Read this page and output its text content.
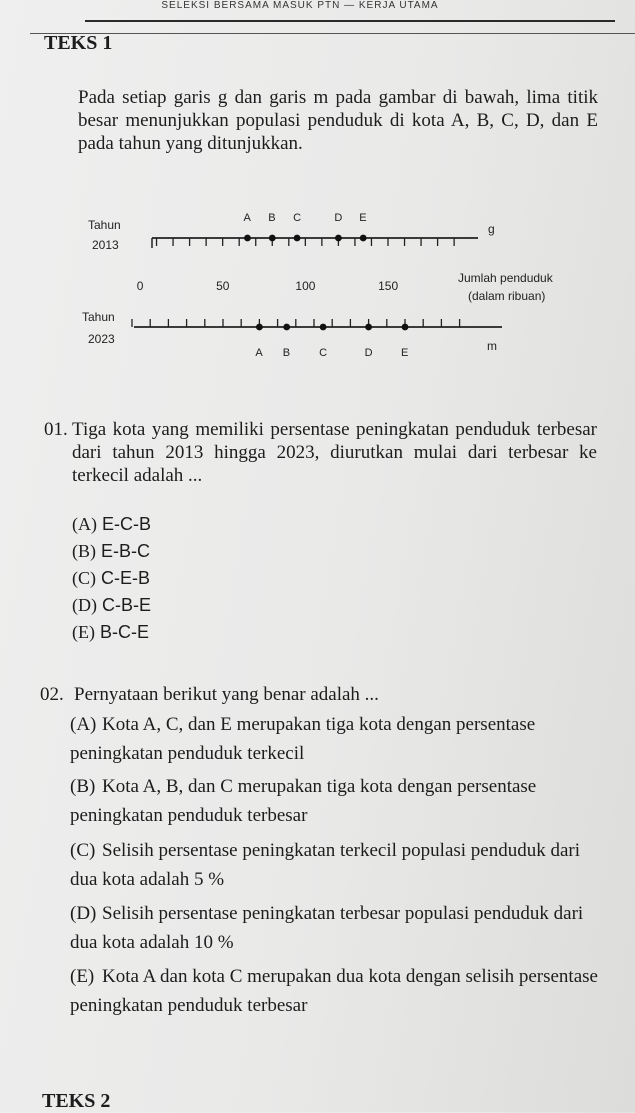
SELEKSI BERSAMA MASUK PTN — KERJA UTAMA
TEKS 1
Pada setiap garis g dan garis m pada gambar di bawah, lima titik besar menunjukkan populasi penduduk di kota A, B, C, D, dan E pada tahun yang ditunjukkan.
Tahun
2013
g
A B C	D E
0	50	100	150
Jumlah penduduk
(dalam ribuan)
Tahun
2023
A B	C	D	E	m
01. Tiga kota yang memiliki persentase peningkatan penduduk terbesar dari tahun 2013 hingga 2023, diurutkan mulai dari terbesar ke terkecil adalah ...
(A) E-C-B
(B) E-B-C
(C) C-E-B
(D) C-B-E
(E) B-C-E
02. Pernyataan berikut yang benar adalah ...
(A) Kota A, C, dan E merupakan tiga kota dengan persentase peningkatan penduduk terkecil
(B) Kota A, B, dan C merupakan tiga kota dengan persentase peningkatan penduduk terbesar
(C) Selisih persentase peningkatan terkecil populasi penduduk dari dua kota adalah 5 %
(D) Selisih persentase peningkatan terbesar populasi penduduk dari dua kota adalah 10 %
(E) Kota A dan kota C merupakan dua kota dengan selisih persentase peningkatan penduduk terbesar
TEKS 2
